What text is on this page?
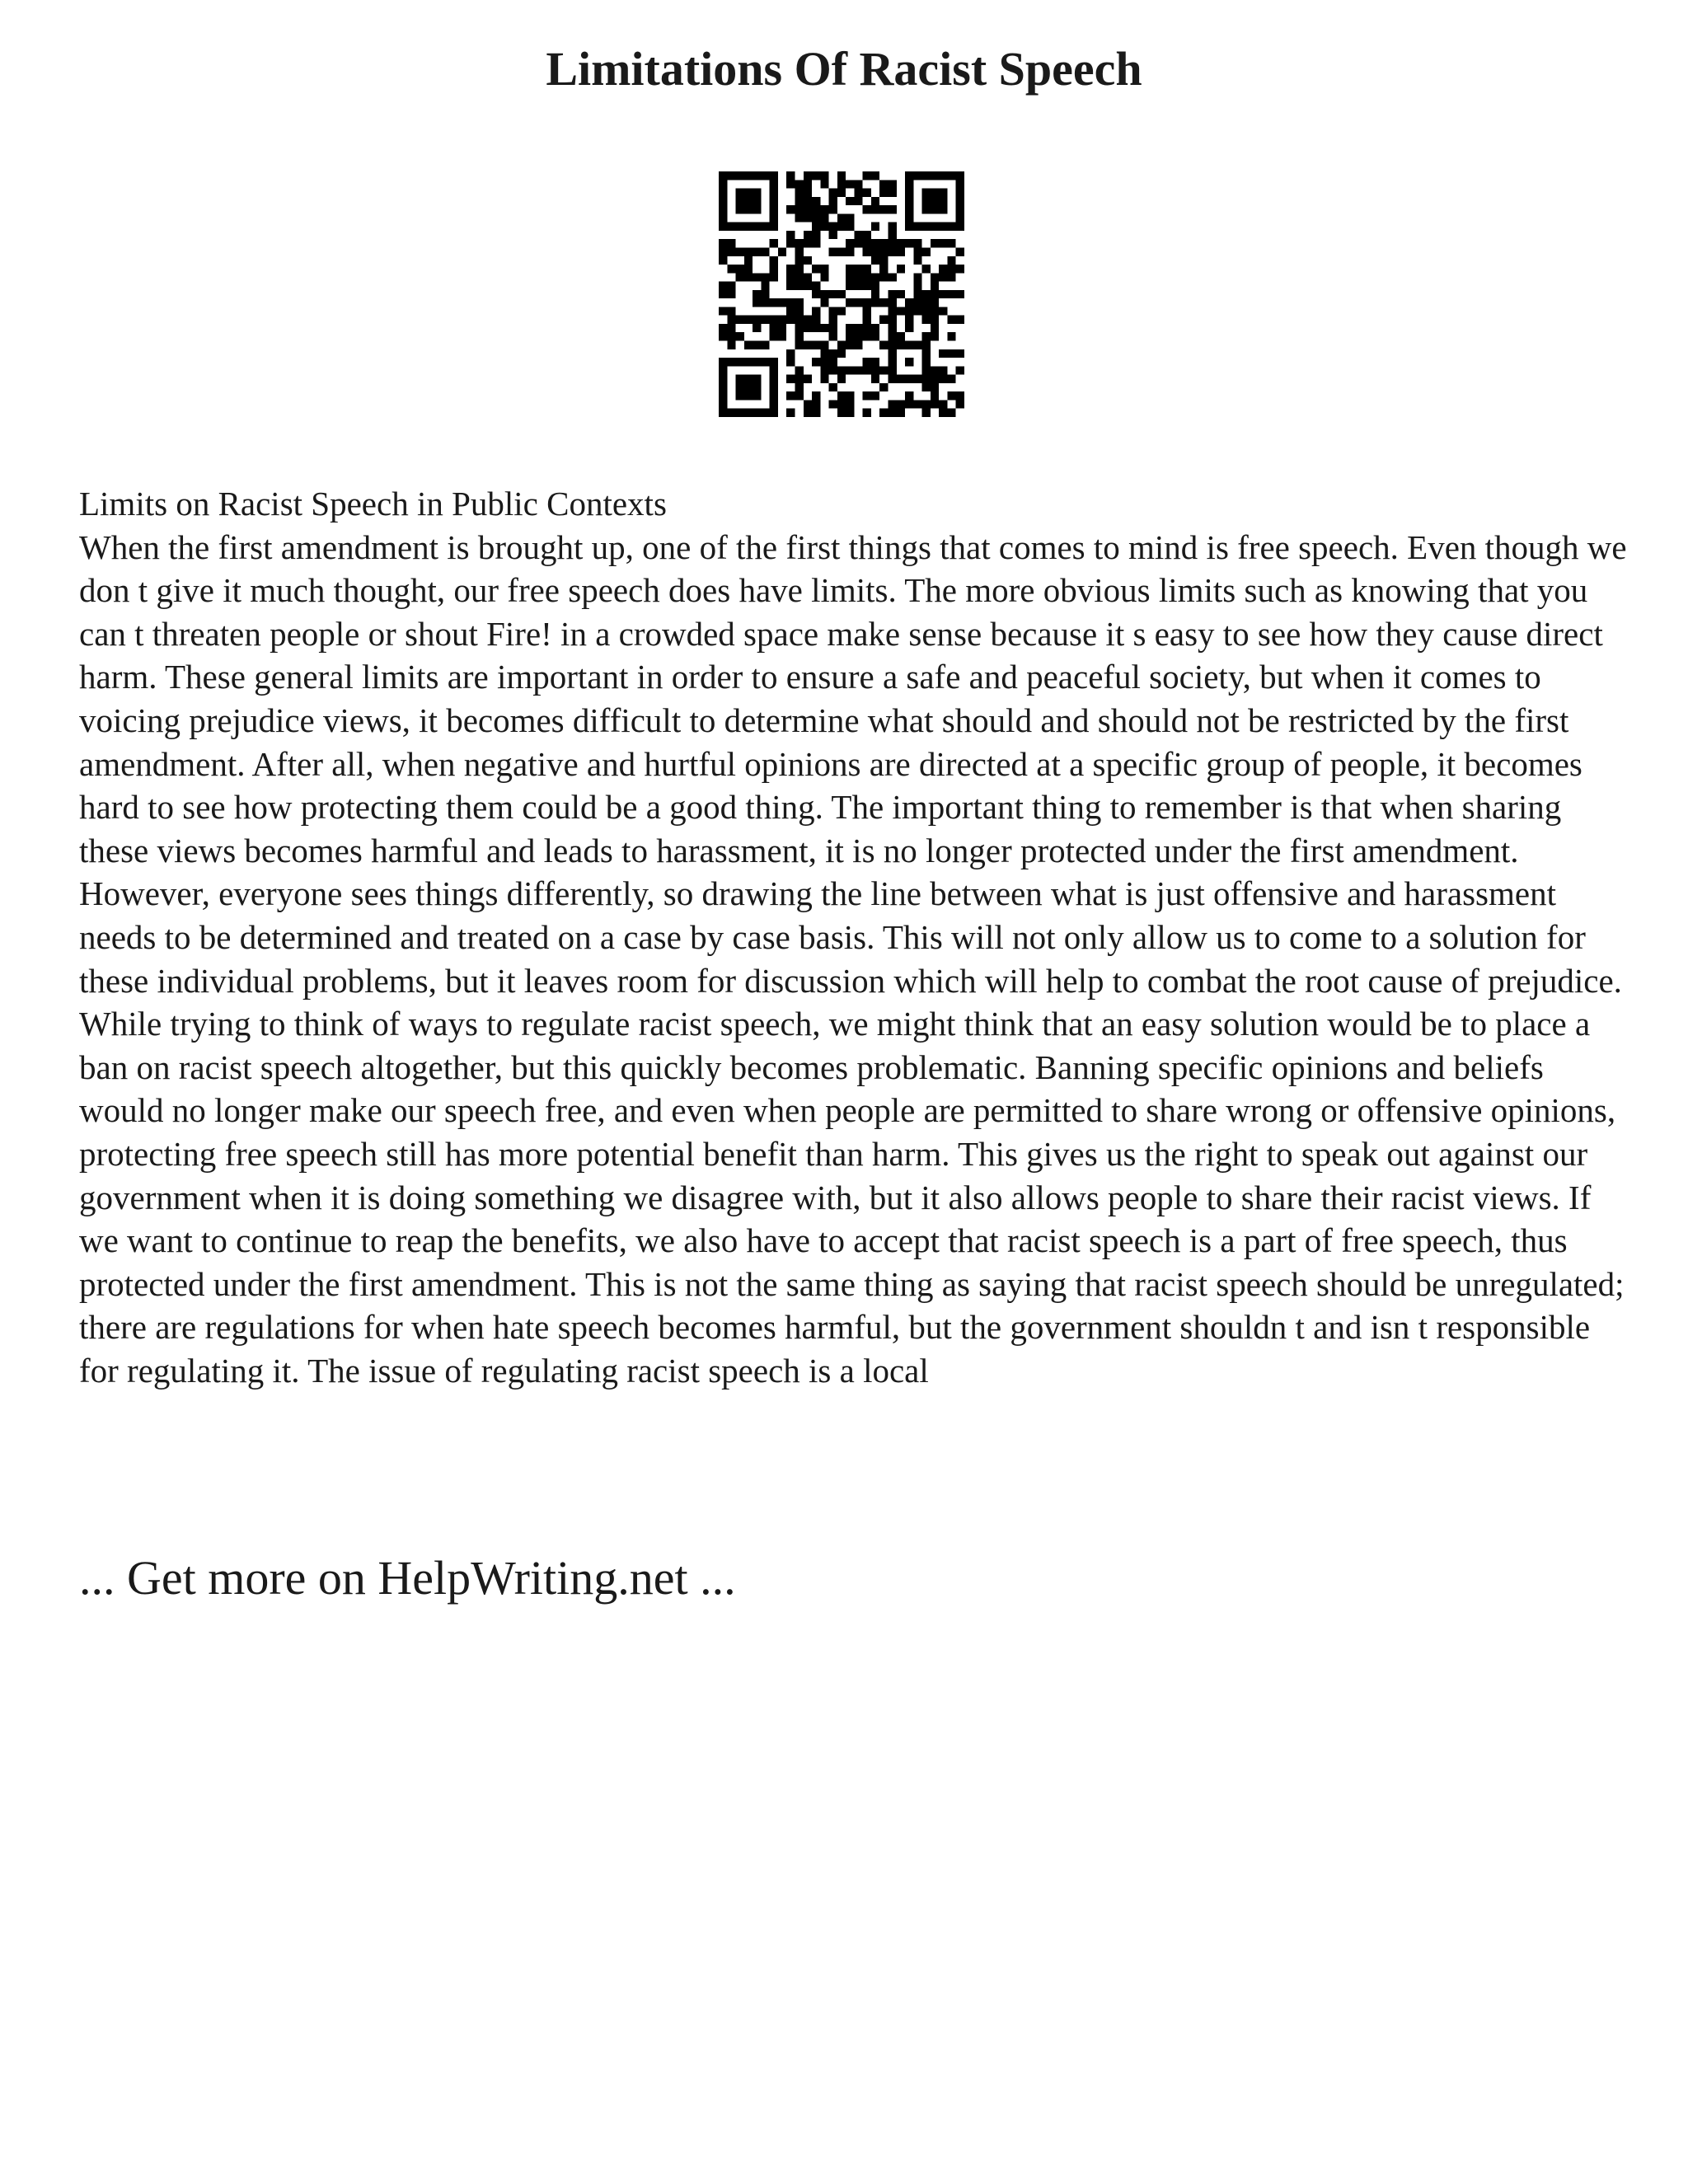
Limitations Of Racist Speech

Limits on Racist Speech in Public Contexts

When the first amendment is brought up, one of the first things that comes to mind is free speech. Even though we don t give it much thought, our free speech does have limits. The more obvious limits such as knowing that you can t threaten people or shout Fire! in a crowded space make sense because it s easy to see how they cause direct harm. These general limits are important in order to ensure a safe and peaceful society, but when it comes to voicing prejudice views, it becomes difficult to determine what should and should not be restricted by the first amendment. After all, when negative and hurtful opinions are directed at a specific group of people, it becomes hard to see how protecting them could be a good thing. The important thing to remember is that when sharing these views becomes harmful and leads to harassment, it is no longer protected under the first amendment. However, everyone sees things differently, so drawing the line between what is just offensive and harassment needs to be determined and treated on a case by case basis. This will not only allow us to come to a solution for these individual problems, but it leaves room for discussion which will help to combat the root cause of prejudice.

While trying to think of ways to regulate racist speech, we might think that an easy solution would be to place a ban on racist speech altogether, but this quickly becomes problematic. Banning specific opinions and beliefs would no longer make our speech free, and even when people are permitted to share wrong or offensive opinions, protecting free speech still has more potential benefit than harm. This gives us the right to speak out against our government when it is doing something we disagree with, but it also allows people to share their racist views. If we want to continue to reap the benefits, we also have to accept that racist speech is a part of free speech, thus protected under the first amendment. This is not the same thing as saying that racist speech should be unregulated; there are regulations for when hate speech becomes harmful, but the government shouldn t and isn t responsible for regulating it. The issue of regulating racist speech is a local

... Get more on HelpWriting.net ...
